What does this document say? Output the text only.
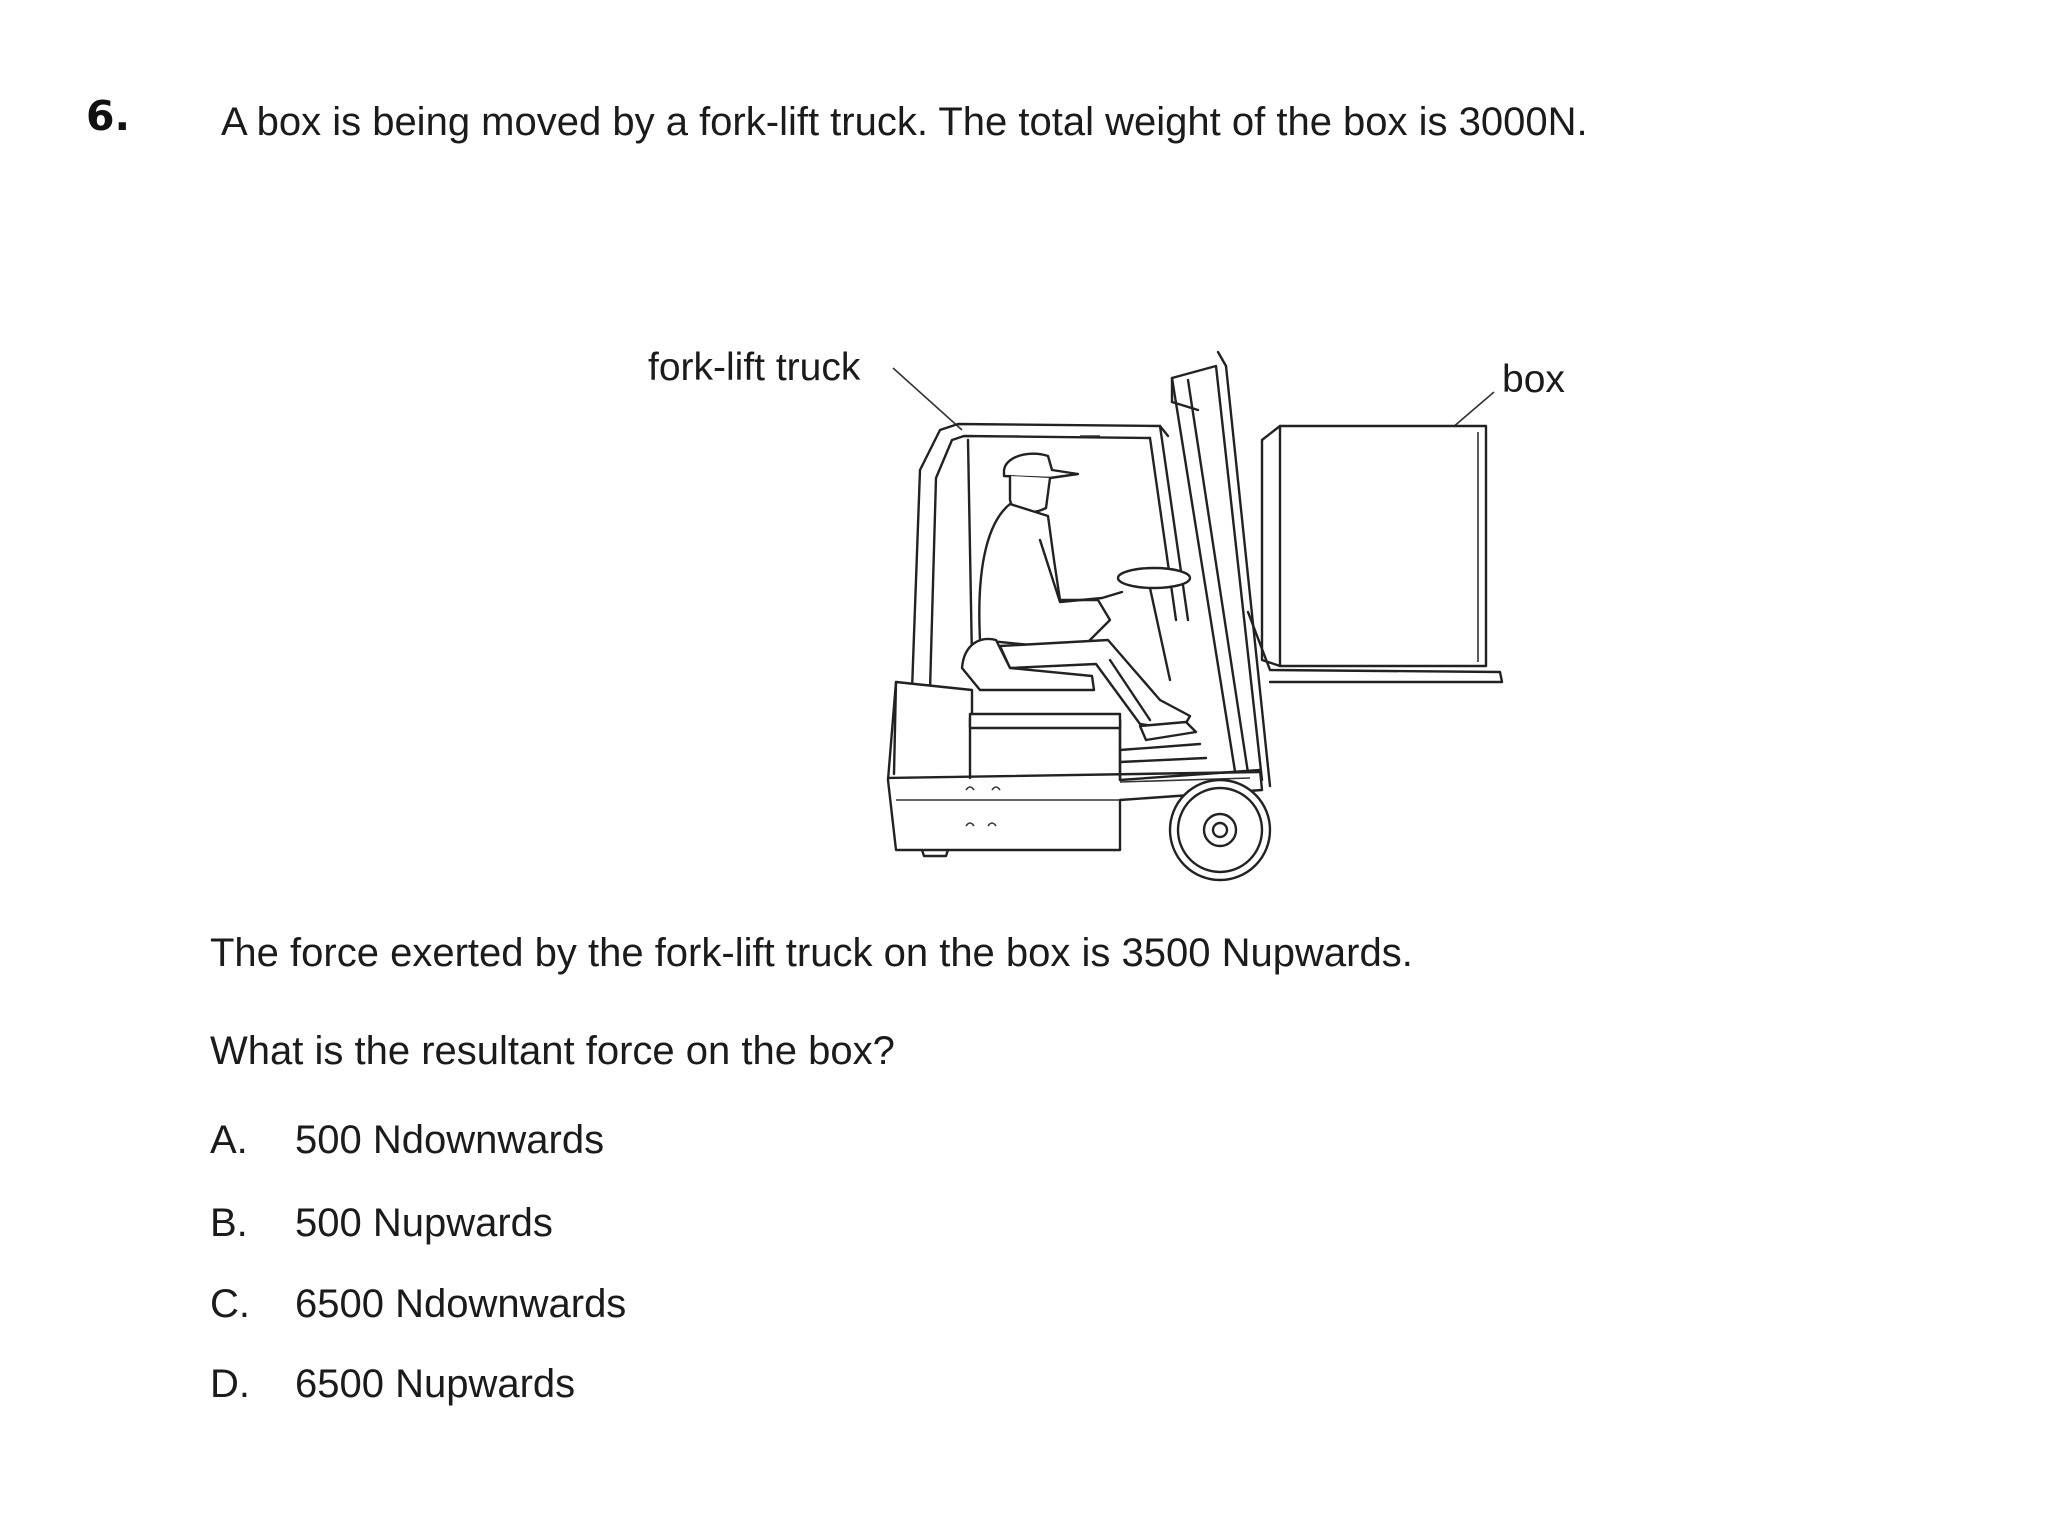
6. A box is being moved by a fork-lift truck. The total weight of the box is 3000N.
fork-lift truck	box
The force exerted by the fork-lift truck on the box is 3500 Nupwards.
What is the resultant force on the box?
A. 500 Ndownwards
B. 500 Nupwards
C. 6500 Ndownwards
D. 6500 Nupwards
